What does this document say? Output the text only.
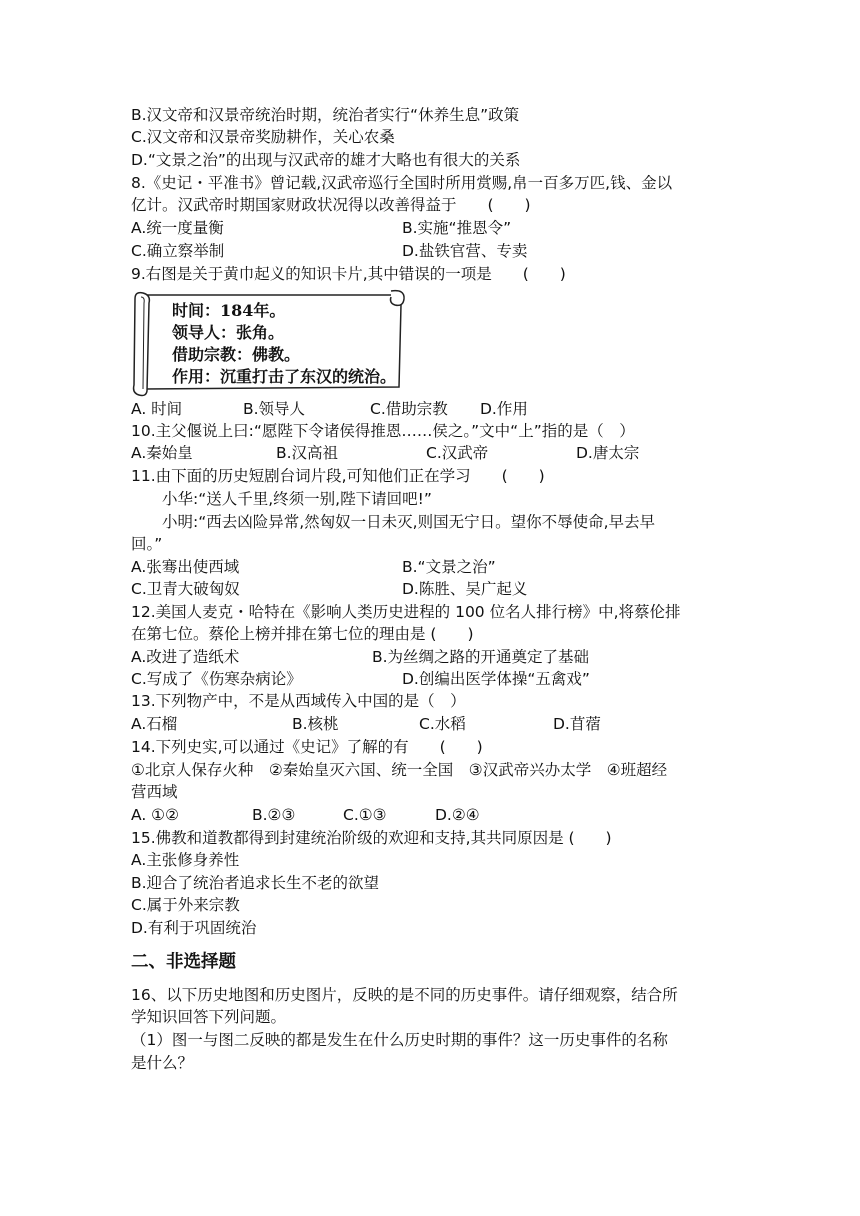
B.汉文帝和汉景帝统治时期，统治者实行“休养生息”政策
C.汉文帝和汉景帝奖励耕作，关心农桑
D.“文景之治”的出现与汉武帝的雄才大略也有很大的关系
8.《史记・平准书》曾记载,汉武帝巡行全国时所用赏赐,帛一百多万匹,钱、金以
亿计。汉武帝时期国家财政状况得以改善得益于　　(　　)
A.统一度量衡	B.实施“推恩令”
C.确立察举制	D.盐铁官营、专卖
9.右图是关于黄巾起义的知识卡片,其中错误的一项是　　(　　)
时间：184年。
领导人：张角。
借助宗教：佛教。
作用：沉重打击了东汉的统治。
A. 时间	B.领导人	C.借助宗教 D.作用
10.主父偃说上曰:“愿陛下令诸侯得推恩……侯之。”文中“上”指的是（　）
A.秦始皇	B.汉高祖	C.汉武帝	D.唐太宗
11.由下面的历史短剧台词片段,可知他们正在学习　　(　　)
　　小华:“送人千里,终须一别,陛下请回吧!”
　　小明:“西去凶险异常,然匈奴一日未灭,则国无宁日。望你不辱使命,早去早
回。”
A.张骞出使西域	B.“文景之治”
C.卫青大破匈奴	D.陈胜、吴广起义
12.美国人麦克・哈特在《影响人类历史进程的 100 位名人排行榜》中,将蔡伦排
在第七位。蔡伦上榜并排在第七位的理由是 (　　)
A.改进了造纸术	B.为丝绸之路的开通奠定了基础
C.写成了《伤寒杂病论》	D.创编出医学体操“五禽戏”
13.下列物产中，不是从西域传入中国的是（　）
A.石榴	B.核桃	C.水稻	D.苜蓿
14.下列史实,可以通过《史记》了解的有　　(　　)
①北京人保存火种　②秦始皇灭六国、统一全国　③汉武帝兴办太学　④班超经
营西域
A. ①②	B.②③	C.①③	D.②④
15.佛教和道教都得到封建统治阶级的欢迎和支持,其共同原因是 (　　)
A.主张修身养性
B.迎合了统治者追求长生不老的欲望
C.属于外来宗教
D.有利于巩固统治
二、非选择题
16、以下历史地图和历史图片，反映的是不同的历史事件。请仔细观察，结合所
学知识回答下列问题。
（1）图一与图二反映的都是发生在什么历史时期的事件？这一历史事件的名称
是什么？
